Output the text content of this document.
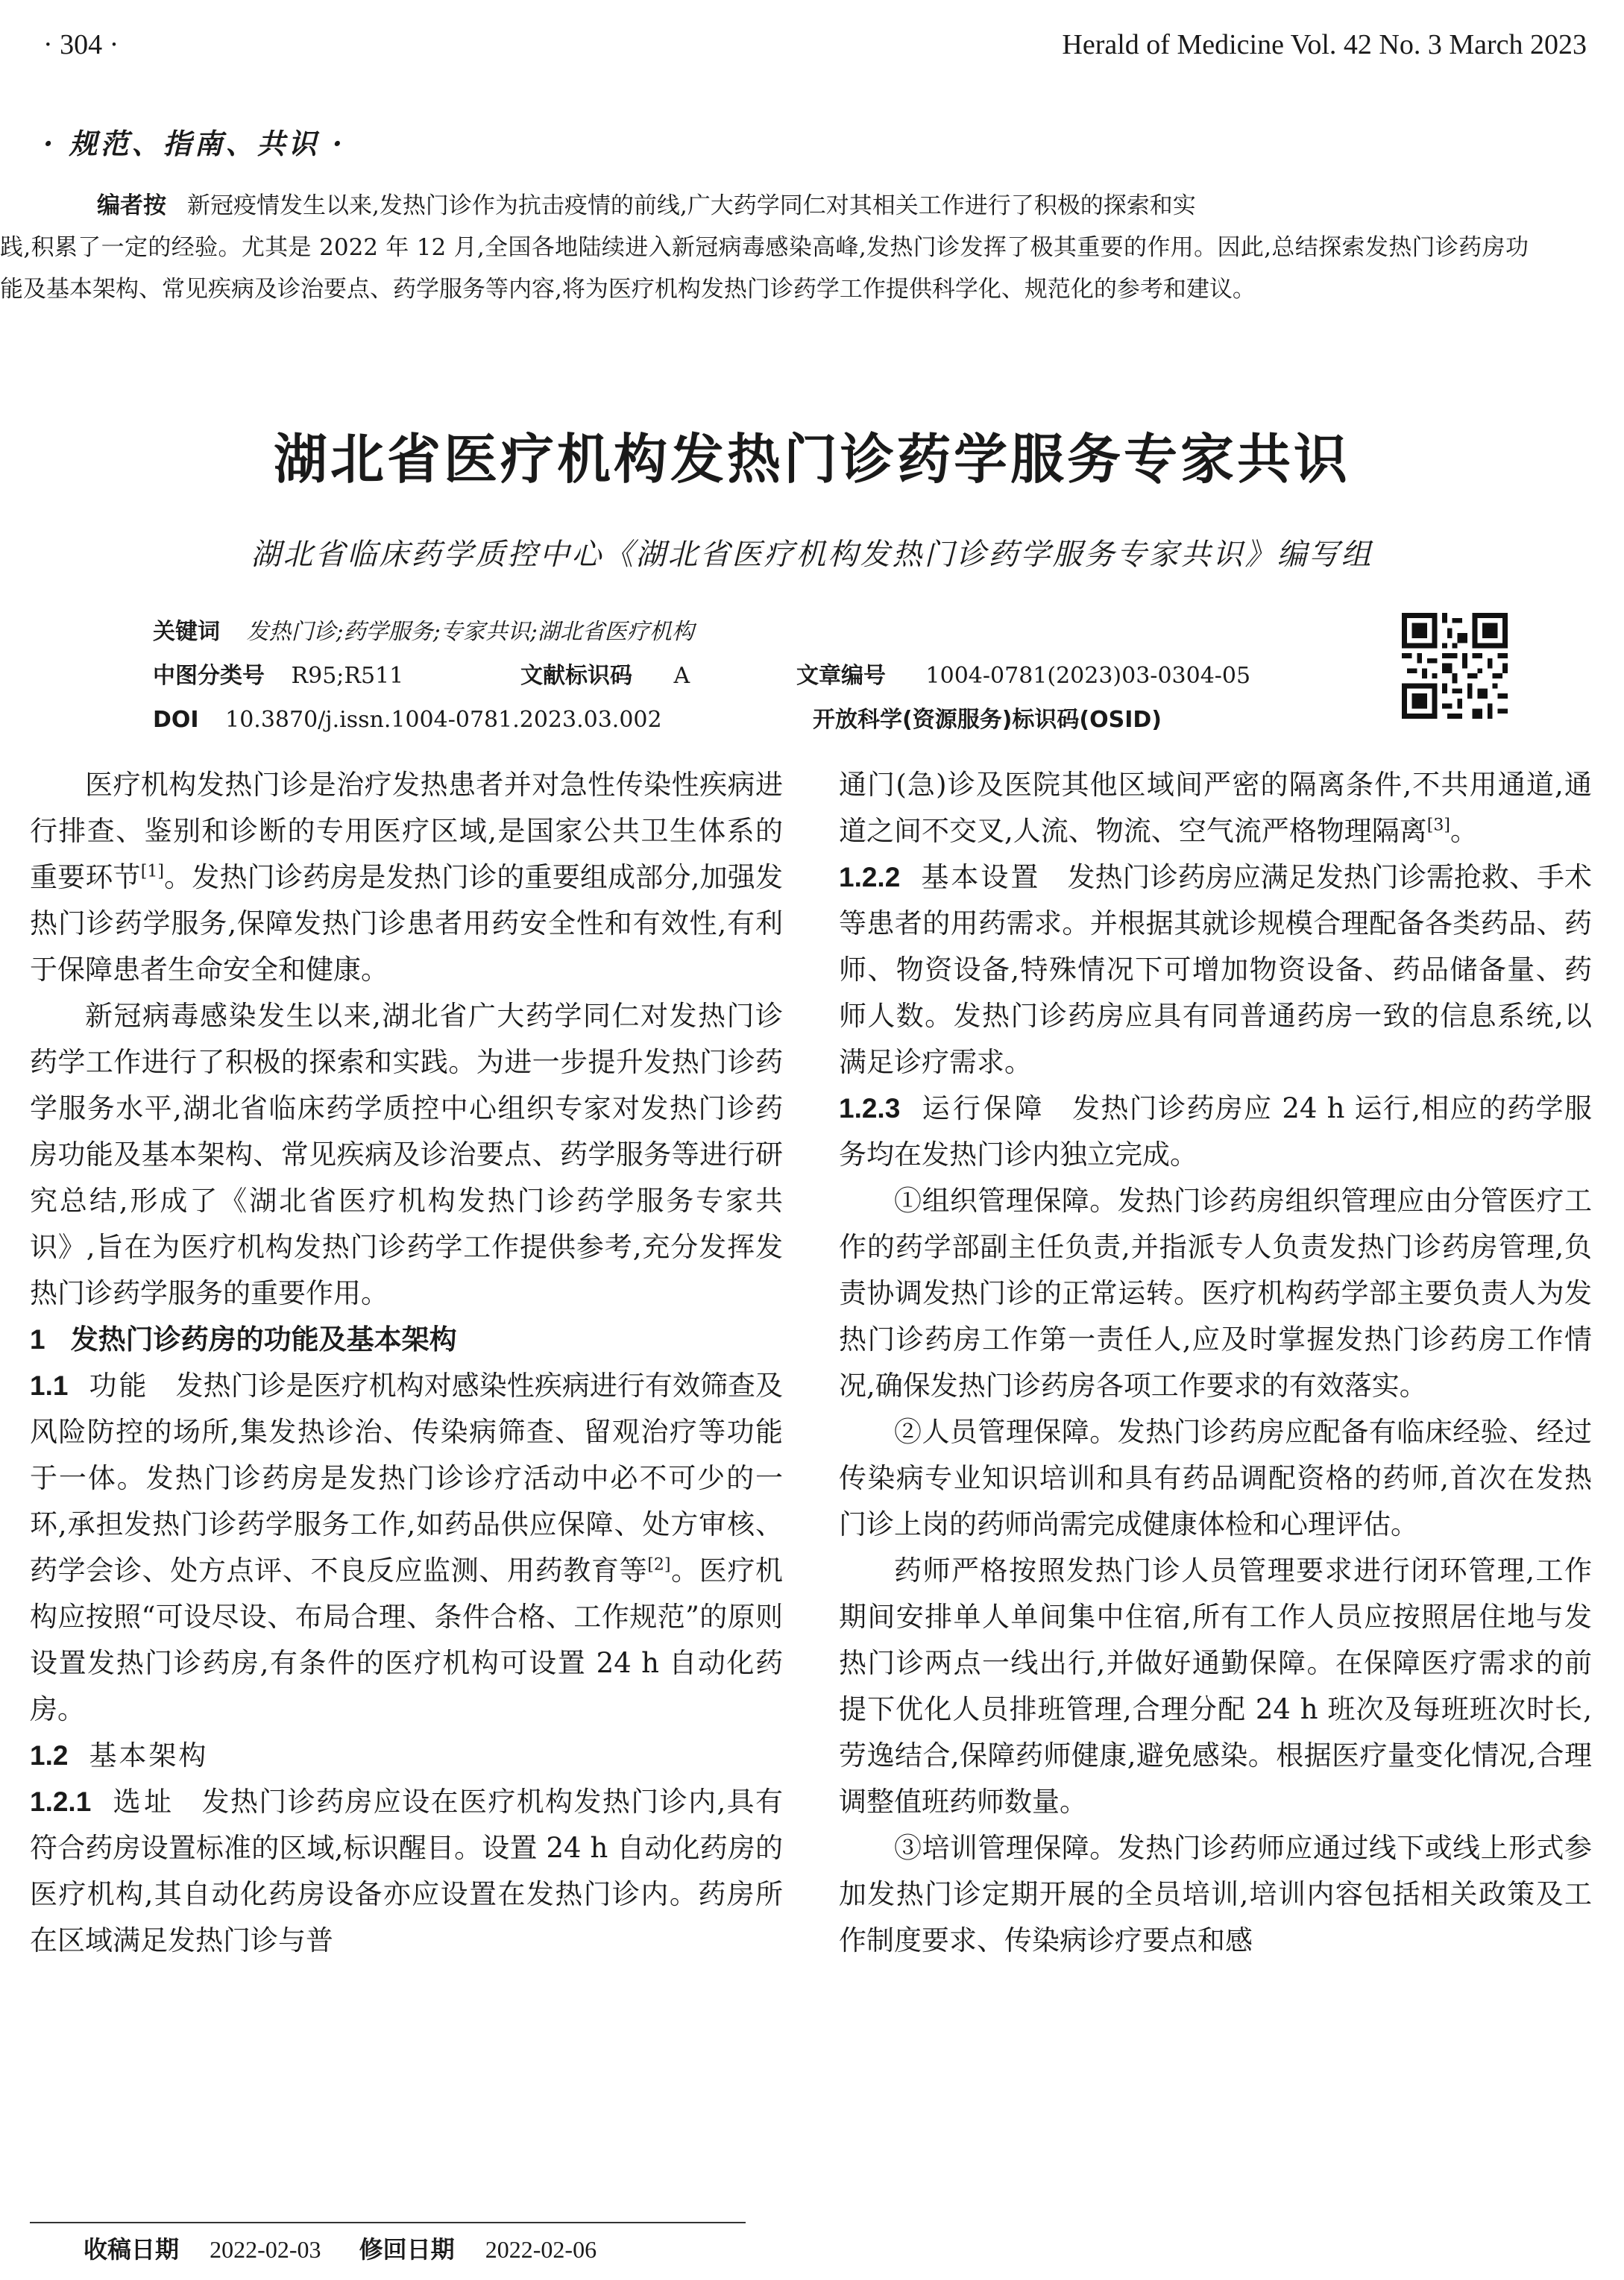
· 304 ·	Herald of Medicine Vol. 42 No. 3 March 2023
· 规范、指南、共识 ·

编者按 新冠疫情发生以来,发热门诊作为抗击疫情的前线,广大药学同仁对其相关工作进行了积极的探索和实

践,积累了一定的经验。尤其是 2022 年 12 月,全国各地陆续进入新冠病毒感染高峰,发热门诊发挥了极其重要的作用。因此,总结探索发热门诊药房功能及基本架构、常见疾病及诊治要点、药学服务等内容,将为医疗机构发热门诊药学工作提供科学化、规范化的参考和建议。

湖北省医疗机构发热门诊药学服务专家共识
湖北省临床药学质控中心《湖北省医疗机构发热门诊药学服务专家共识》编写组
关键词 发热门诊;药学服务;专家共识;湖北省医疗机构
中图分类号 R95;R511	文献标识码 A	文章编号 1004-0781(2023)03-0304-05
DOI 10.3870/j.issn.1004-0781.2023.03.002	开放科学(资源服务)标识码(OSID)

医疗机构发热门诊是治疗发热患者并对急性传染性疾病进行排查、鉴别和诊断的专用医疗区域,是国家公共卫生体系的重要环节[1]。发热门诊药房是发热门诊的重要组成部分,加强发热门诊药学服务,保障发热门诊患者用药安全性和有效性,有利于保障患者生命安全和健康。

新冠病毒感染发生以来,湖北省广大药学同仁对发热门诊药学工作进行了积极的探索和实践。为进一步提升发热门诊药学服务水平,湖北省临床药学质控中心组织专家对发热门诊药房功能及基本架构、常见疾病及诊治要点、药学服务等进行研究总结,形成了《湖北省医疗机构发热门诊药学服务专家共识》,旨在为医疗机构发热门诊药学工作提供参考,充分发挥发热门诊药学服务的重要作用。

1 发热门诊药房的功能及基本架构

1.1 功能 发热门诊是医疗机构对感染性疾病进行有效筛查及风险防控的场所,集发热诊治、传染病筛查、留观治疗等功能于一体。发热门诊药房是发热门诊诊疗活动中必不可少的一环,承担发热门诊药学服务工作,如药品供应保障、处方审核、药学会诊、处方点评、不良反应监测、用药教育等[2]。医疗机构应按照“可设尽设、布局合理、条件合格、工作规范”的原则设置发热门诊药房,有条件的医疗机构可设置 24 h 自动化药房。

1.2 基本架构

1.2.1 选址 发热门诊药房应设在医疗机构发热门诊内,具有符合药房设置标准的区域,标识醒目。设置 24 h 自动化药房的医疗机构,其自动化药房设备亦应设置在发热门诊内。药房所在区域满足发热门诊与普

通门(急)诊及医院其他区域间严密的隔离条件,不共用通道,通道之间不交叉,人流、物流、空气流严格物理隔离[3]。

1.2.2 基本设置 发热门诊药房应满足发热门诊需抢救、手术等患者的用药需求。并根据其就诊规模合理配备各类药品、药师、物资设备,特殊情况下可增加物资设备、药品储备量、药师人数。发热门诊药房应具有同普通药房一致的信息系统,以满足诊疗需求。

1.2.3 运行保障 发热门诊药房应 24 h 运行,相应的药学服务均在发热门诊内独立完成。

①组织管理保障。发热门诊药房组织管理应由分管医疗工作的药学部副主任负责,并指派专人负责发热门诊药房管理,负责协调发热门诊的正常运转。医疗机构药学部主要负责人为发热门诊药房工作第一责任人,应及时掌握发热门诊药房工作情况,确保发热门诊药房各项工作要求的有效落实。

②人员管理保障。发热门诊药房应配备有临床经验、经过传染病专业知识培训和具有药品调配资格的药师,首次在发热门诊上岗的药师尚需完成健康体检和心理评估。

药师严格按照发热门诊人员管理要求进行闭环管理,工作期间安排单人单间集中住宿,所有工作人员应按照居住地与发热门诊两点一线出行,并做好通勤保障。在保障医疗需求的前提下优化人员排班管理,合理分配 24 h 班次及每班班次时长,劳逸结合,保障药师健康,避免感染。根据医疗量变化情况,合理调整值班药师数量。

③培训管理保障。发热门诊药师应通过线下或线上形式参加发热门诊定期开展的全员培训,培训内容包括相关政策及工作制度要求、传染病诊疗要点和感

收稿日期 2022-02-03 修回日期 2022-02-06
